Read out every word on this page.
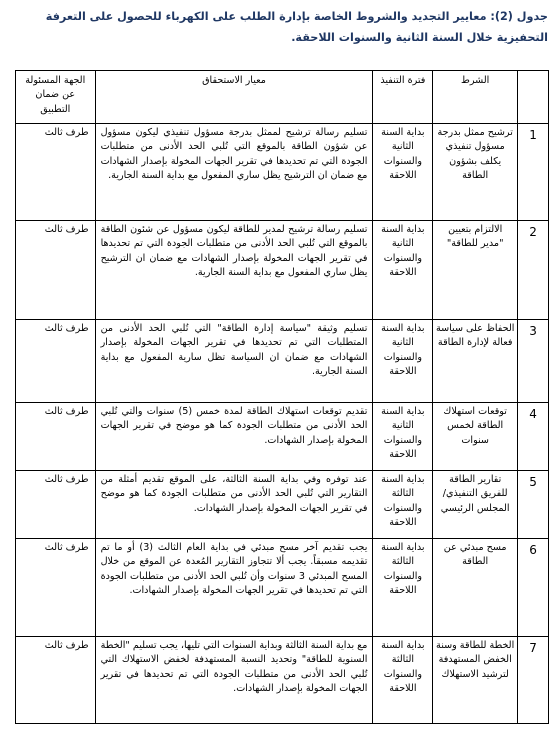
جدول (2): معايير التجديد والشروط الخاصة بإدارة الطلب على الكهرباء للحصول على التعرفة التحفيزية خلال السنة الثانية والسنوات اللاحقة.
	الشرط	فترة التنفيذ	معيار الاستحقاق	الجهة المسئولة عن ضمان التطبيق
1	ترشيح ممثل بدرجة مسؤول تنفيذي يكلف بشؤون الطاقة	بداية السنة الثانية والسنوات اللاحقة	تسليم رسالة ترشيح لممثل بدرجة مسؤول تنفيذي ليكون مسؤول عن شؤون الطاقة بالموقع التي تُلبي الحد الأدنى من متطلبات الجودة التي تم تحديدها في تقرير الجهات المخولة بإصدار الشهادات مع ضمان ان الترشيح يظل ساري المفعول مع بداية السنة الجارية.	طرف ثالث
2	الالتزام بتعيين "مدير للطاقة"	بداية السنة الثانية والسنوات اللاحقة	تسليم رسالة ترشيح لمدير للطاقة ليكون مسؤول عن شئون الطاقة بالموقع التي تُلبي الحد الأدنى من متطلبات الجودة التي تم تحديدها في تقرير الجهات المخولة بإصدار الشهادات مع ضمان ان الترشيح يظل ساري المفعول مع بداية السنة الجارية.	طرف ثالث
3	الحفاظ على سياسة فعالة لإدارة الطاقة	بداية السنة الثانية والسنوات اللاحقة	تسليم وثيقة "سياسة إدارة الطاقة" التي تُلبي الحد الأدنى من المتطلبات التي تم تحديدها في تقرير الجهات المخولة بإصدار الشهادات مع ضمان ان السياسة تظل سارية المفعول مع بداية السنة الجارية.	طرف ثالث
4	توقعات استهلاك الطاقة لخمس سنوات	بداية السنة الثانية والسنوات اللاحقة	تقديم توقعات استهلاك الطاقة لمدة خمس (5) سنوات والتي تُلبي الحد الأدنى من متطلبات الجودة كما هو موضح في تقرير الجهات المخولة بإصدار الشهادات.	طرف ثالث
5	تقارير الطاقة للفريق التنفيذي/المجلس الرئيسي	بداية السنة الثالثة والسنوات اللاحقة	عند توفره وفي بداية السنة الثالثة، على الموقع تقديم أمثلة من التقارير التي تُلبي الحد الأدنى من متطلبات الجودة كما هو موضح في تقرير الجهات المخولة بإصدار الشهادات.	طرف ثالث
6	مسح مبدئي عن الطاقة	بداية السنة الثالثة والسنوات اللاحقة	يجب تقديم آخر مسح مبدئي في بداية العام الثالث (3) أو ما تم تقديمه مسبقاً. يجب ألا تتجاوز التقارير المُعدة عن الموقع من خلال المسح المبدئي 3 سنوات وأن تُلبي الحد الأدنى من متطلبات الجودة التي تم تحديدها في تقرير الجهات المخولة بإصدار الشهادات.	طرف ثالث
7	الخطة للطاقة وسنة الخفض المستهدفة لترشيد الاستهلاك	بداية السنة الثالثة والسنوات اللاحقة	مع بداية السنة الثالثة وبداية السنوات التي تليها، يجب تسليم "الخطة السنوية للطاقة" وتحديد النسبة المستهدفة لخفض الاستهلاك التي تُلبي الحد الأدنى من متطلبات الجودة التي تم تحديدها في تقرير الجهات المخولة بإصدار الشهادات.	طرف ثالث
